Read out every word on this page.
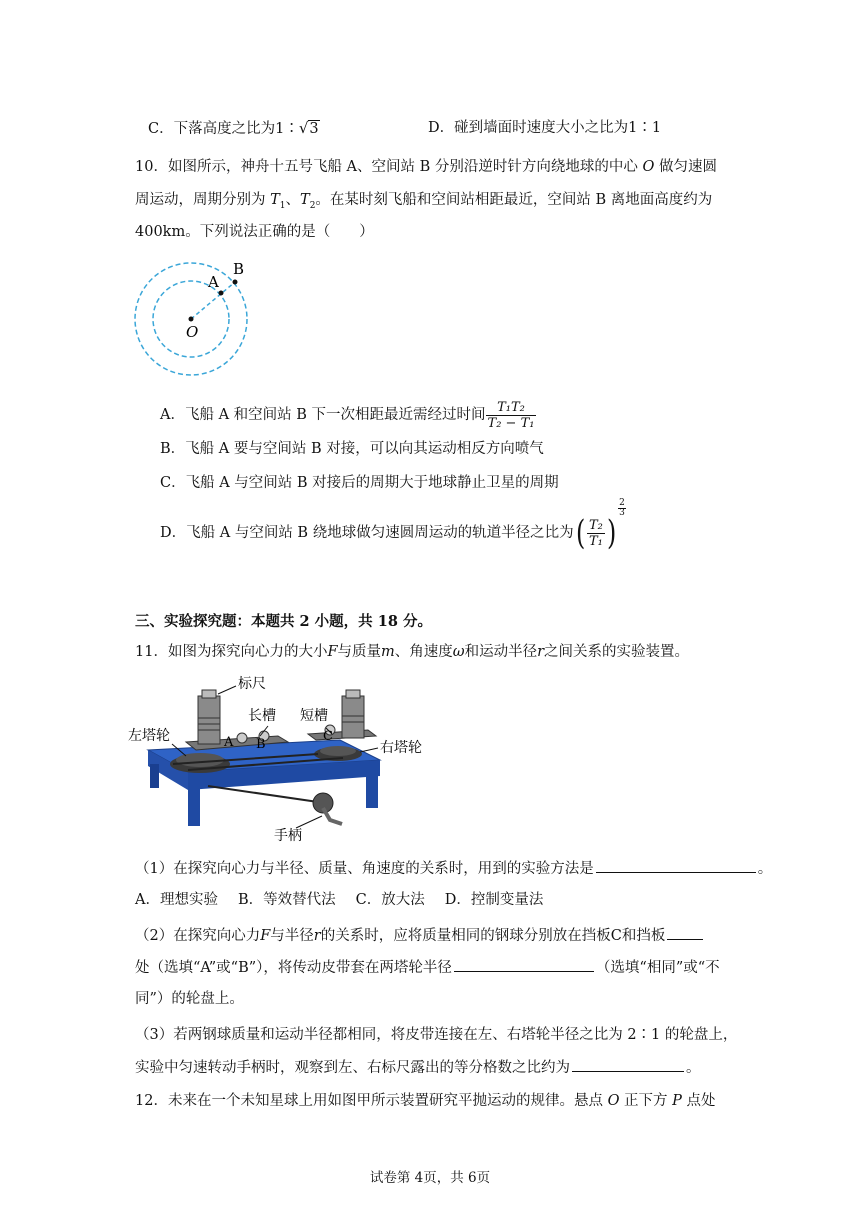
C．下落高度之比为1∶√3	D．碰到墙面时速度大小之比为1∶1
10．如图所示，神舟十五号飞船 A、空间站 B 分别沿逆时针方向绕地球的中心 O 做匀速圆
周运动，周期分别为 $T_1$、$T_2$。在某时刻飞船和空间站相距最近，空间站 B 离地面高度约为
400km。下列说法正确的是（　　）
A
B
O
A．飞船 A 和空间站 B 下一次相距最近需经过时间 $\frac{\text{T₁T₂}}{\text{T₂ − T₁}}$
B．飞船 A 要与空间站 B 对接，可以向其运动相反方向喷气
C．飞船 A 与空间站 B 对接后的周期大于地球静止卫星的周期
D．飞船 A 与空间站 B 绕地球做匀速圆周运动的轨道半径之比为( $\frac{\text{T₂}}{\text{T₁}}$ )
$\frac{2}{3}$
三、实验探究题：本题共 2 小题，共 18 分。
11．如图为探究向心力的大小F与质量m、角速度ω和运动半径r之间关系的实验装置。
标尺
长槽 短槽
左塔轮
右塔轮
手柄
A B
C
（1）在探究向心力与半径、质量、角速度的关系时，用到的实验方法是	。
A．理想实验 B．等效替代法 C．放大法 D．控制变量法
（2）在探究向心力F与半径r的关系时，应将质量相同的钢球分别放在挡板C和挡板
处（选填“A”或“B”），将传动皮带套在两塔轮半径	（选填“相同”或“不
同”）的轮盘上。
（3）若两钢球质量和运动半径都相同，将皮带连接在左、右塔轮半径之比为 2∶1 的轮盘上，
实验中匀速转动手柄时，观察到左、右标尺露出的等分格数之比约为	。
12．未来在一个未知星球上用如图甲所示装置研究平抛运动的规律。悬点 O 正下方 P 点处
试卷第 4页，共 6页
